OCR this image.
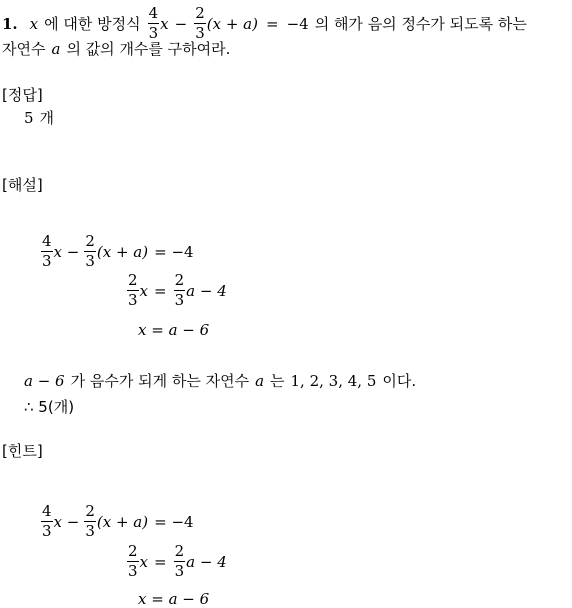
1. x 에 대한 방정식 $\frac{4}{3}$ $x - \frac{2}{3} (x + a) = -4$ 의 해가 음의 정수가 되도록 하는
자연수 a 의 값의 개수를 구하여라.
[정답]
5 개
[해설]
$\frac{4}{3}$ $x - \frac{2}{3} (x + a) = -4$
$\frac{2}{3}$ $x = \frac{2}{3}$ a − 4
x = a − 6
a − 6 가 음수가 되게 하는 자연수 a 는 1, 2, 3, 4, 5 이다.
∴ 5(개)
[힌트]
$\frac{4}{3}$ $x - \frac{2}{3} (x + a) = -4$
$\frac{2}{3}$ $x = \frac{2}{3}$ a − 4
x = a − 6
